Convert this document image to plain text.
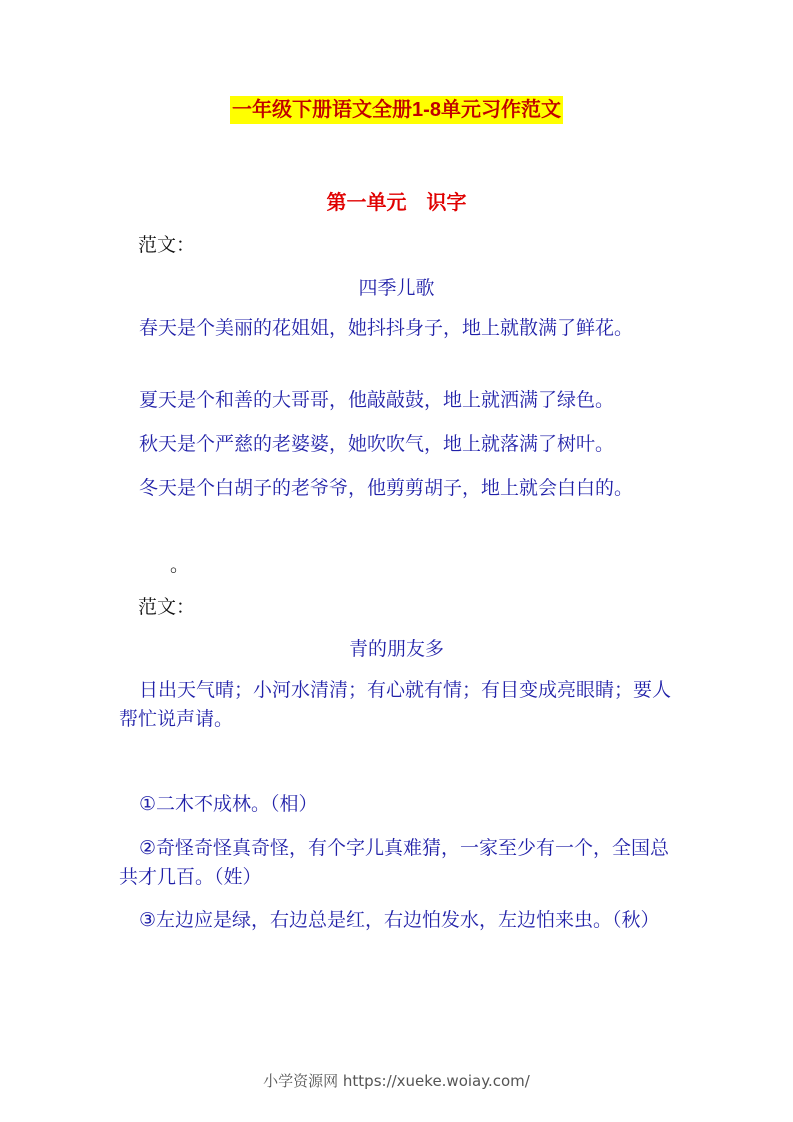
一年级下册语文全册1-8单元习作范文
第一单元　识字
范文：
四季儿歌
春天是个美丽的花姐姐，她抖抖身子，地上就散满了鲜花。
夏天是个和善的大哥哥，他敲敲鼓，地上就洒满了绿色。
秋天是个严慈的老婆婆，她吹吹气，地上就落满了树叶。
冬天是个白胡子的老爷爷，他剪剪胡子，地上就会白白的。
。
范文：
青的朋友多
日出天气晴；小河水清清；有心就有情；有目变成亮眼睛；要人帮忙说声请。
①二木不成林。（相）
②奇怪奇怪真奇怪，有个字儿真难猜，一家至少有一个，全国总共才几百。（姓）
③左边应是绿，右边总是红，右边怕发水，左边怕来虫。（秋）
小学资源网 https://xueke.woiay.com/
